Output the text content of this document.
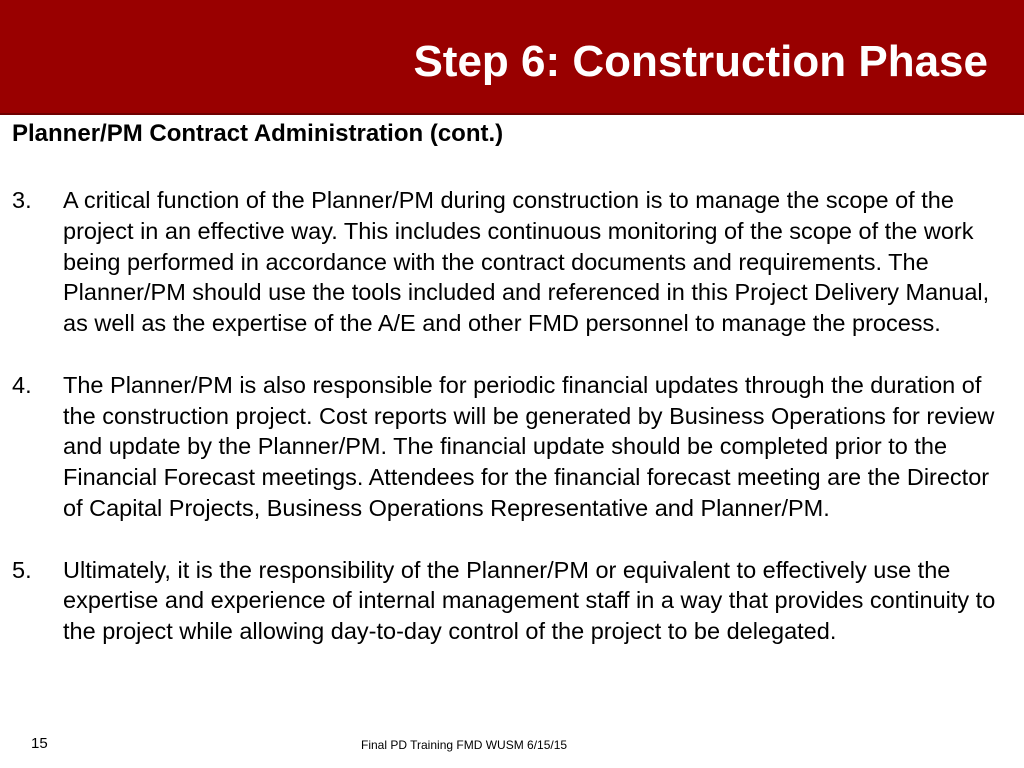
Step 6: Construction Phase
Planner/PM Contract Administration (cont.)
3. A critical function of the Planner/PM during construction is to manage the scope of the project in an effective way. This includes continuous monitoring of the scope of the work being performed in accordance with the contract documents and requirements. The Planner/PM should use the tools included and referenced in this Project Delivery Manual, as well as the expertise of the A/E and other FMD personnel to manage the process.
4. The Planner/PM is also responsible for periodic financial updates through the duration of the construction project. Cost reports will be generated by Business Operations for review and update by the Planner/PM. The financial update should be completed prior to the Financial Forecast meetings. Attendees for the financial forecast meeting are the Director of Capital Projects, Business Operations Representative and Planner/PM.
5. Ultimately, it is the responsibility of the Planner/PM or equivalent to effectively use the expertise and experience of internal management staff in a way that provides continuity to the project while allowing day-to-day control of the project to be delegated.
15	Final PD Training FMD WUSM 6/15/15
